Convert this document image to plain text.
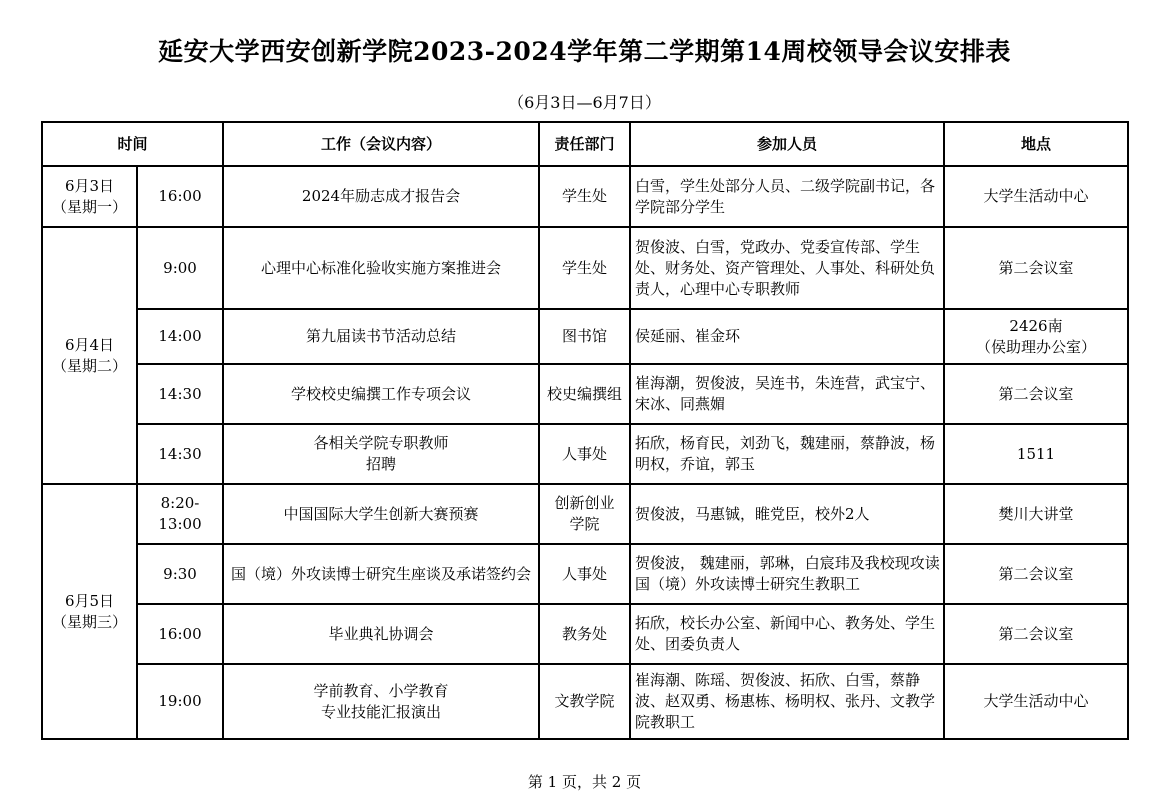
延安大学西安创新学院2023-2024学年第二学期第14周校领导会议安排表
（6月3日—6月7日）
时间		工作（会议内容）	责任部门	参加人员	地点
6月3日
（星期一）	16:00	2024年励志成才报告会	学生处	白雪，学生处部分人员、二级学院副书记，各学院部分学生	大学生活动中心
6月4日
（星期二）	9:00	心理中心标准化验收实施方案推进会	学生处	贺俊波、白雪，党政办、党委宣传部、学生处、财务处、资产管理处、人事处、科研处负责人，心理中心专职教师	第二会议室
	14:00	第九届读书节活动总结	图书馆	侯延丽、崔金环	2426南
（侯助理办公室）
	14:30	学校校史编撰工作专项会议	校史编撰组	崔海潮，贺俊波，吴连书，朱连营，武宝宁、宋冰、同燕媚	第二会议室
	14:30	各相关学院专职教师
招聘	人事处	拓欣，杨育民，刘劲飞，魏建丽，蔡静波，杨明权，乔谊，郭玉	1511
6月5日
（星期三）	8:20-13:00	中国国际大学生创新大赛预赛	创新创业
学院	贺俊波，马惠铖，睢党臣，校外2人	樊川大讲堂
	9:30	国（境）外攻读博士研究生座谈及承诺签约会	人事处	贺俊波， 魏建丽，郭琳，白宸玮及我校现攻读国（境）外攻读博士研究生教职工	第二会议室
	16:00	毕业典礼协调会	教务处	拓欣，校长办公室、新闻中心、教务处、学生处、团委负责人	第二会议室
	19:00	学前教育、小学教育
专业技能汇报演出	文教学院	崔海潮、陈瑶、贺俊波、拓欣、白雪，蔡静波、赵双勇、杨惠栋、杨明权、张丹、文教学院教职工	大学生活动中心
第 1 页，共 2 页
